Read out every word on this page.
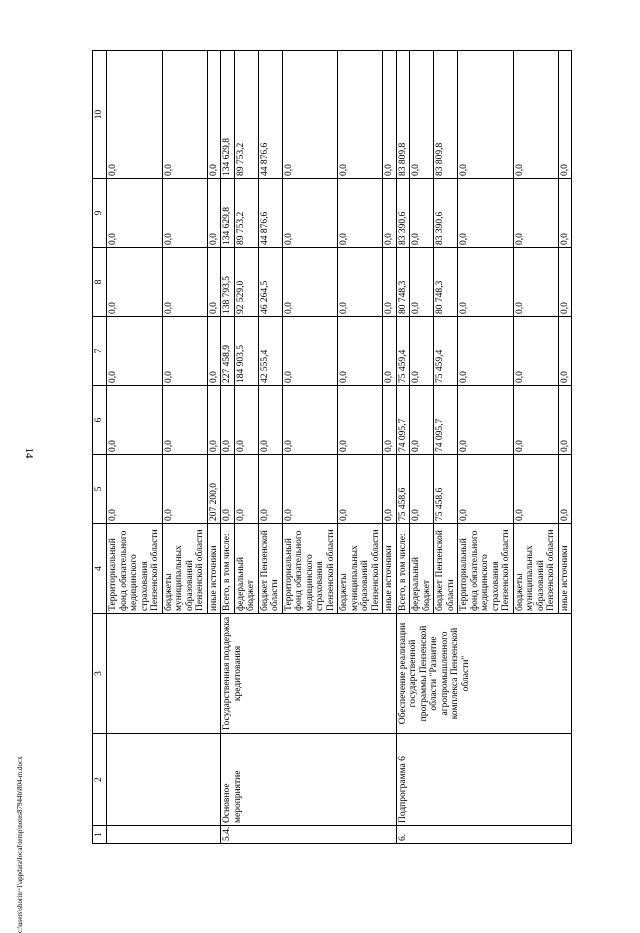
14
c:\users\shorin~1\appdata\local\temp\notes87944b\804-m.docx	1	2	3	4	5	6	7	8	9	10
			Территориальный фонд обязательного медицинского страхования Пензенской области	0,0	0,0	0,0	0,0	0,0	0,0
			бюджеты муниципальных образований Пензенской области	0,0	0,0	0,0	0,0	0,0	0,0
			иные источники	207 200,0	0,0	0,0	0,0	0,0	0,0
5.4.	Основное мероприятие	Государственная поддержка кредитования	Всего, в том числе:	0,0	0,0	227 458,9	138 793,5	134 629,8	134 629,8
			федеральный бюджет	0,0	0,0	184 903,5	92 529,0	89 753,2	89 753,2
			бюджет Пензенской области	0,0	0,0	42 555,4	46 264,5	44 876,6	44 876,6
			Территориальный фонд обязательного медицинского страхования Пензенской области	0,0	0,0	0,0	0,0	0,0	0,0
			бюджеты муниципальных образований Пензенской области	0,0	0,0	0,0	0,0	0,0	0,0
			иные источники	0,0	0,0	0,0	0,0	0,0	0,0
6.	Подпрограмма 6	Обеспечение реализации государственной программы Пензенской области "Развитие агропромышленного комплекса Пензенской области"	Всего, в том числе:	75 458,6	74 095,7	75 459,4	80 748,3	83 390,6	83 809,8
			федеральный бюджет	0,0	0,0	0,0	0,0	0,0	0,0
			бюджет Пензенской области	75 458,6	74 095,7	75 459,4	80 748,3	83 390,6	83 809,8
			Территориальный фонд обязательного медицинского страхования Пензенской области	0,0	0,0	0,0	0,0	0,0	0,0
			бюджеты муниципальных образований Пензенской области	0,0	0,0	0,0	0,0	0,0	0,0
			иные источники	0,0	0,0	0,0	0,0	0,0	0,0
